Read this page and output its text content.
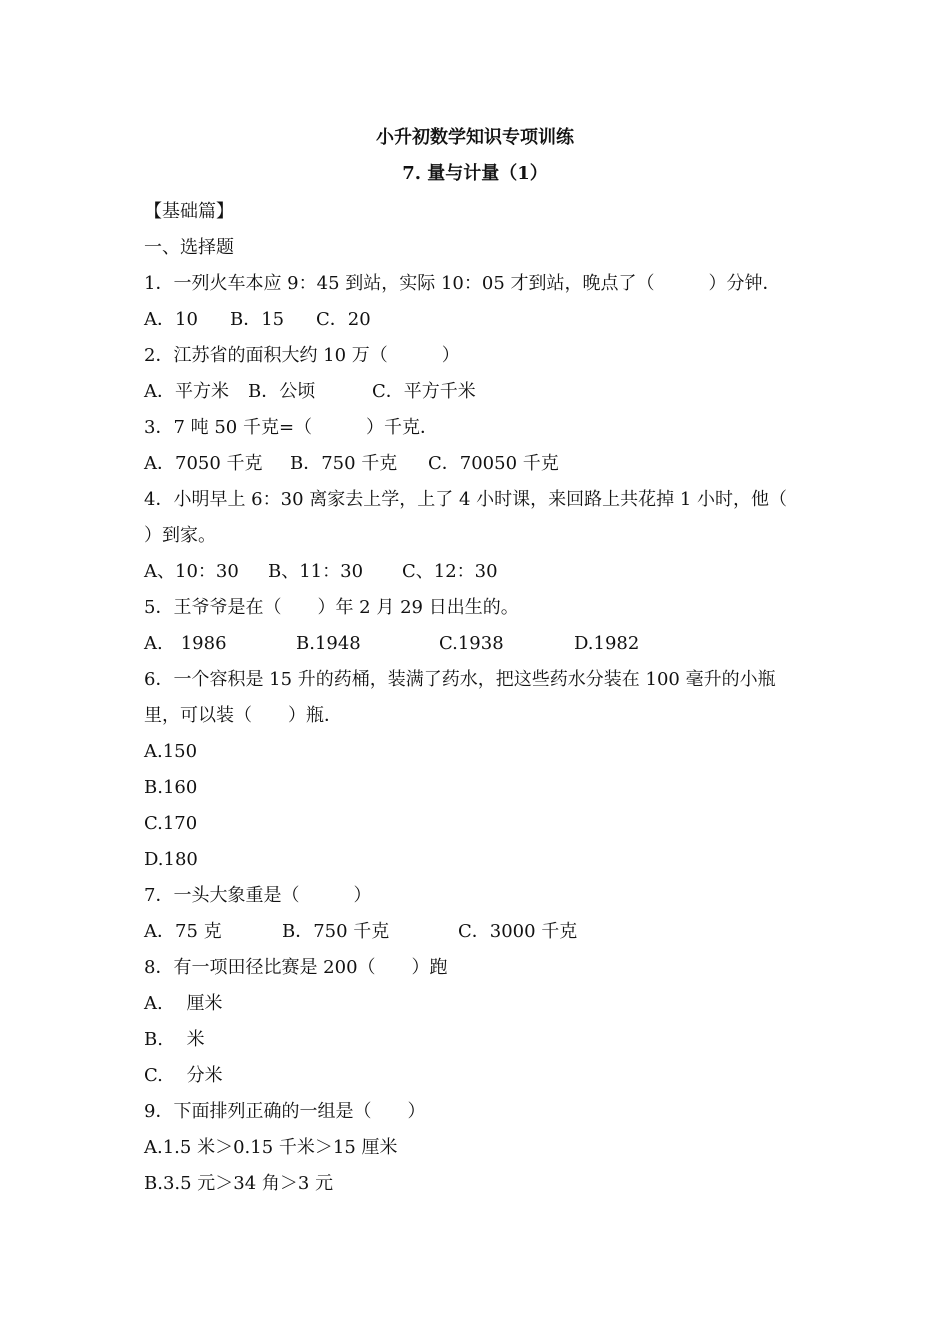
小升初数学知识专项训练
7. 量与计量（1）
【基础篇】
一、选择题
1．一列火车本应 9：45 到站，实际 10：05 才到站，晚点了（　　　）分钟．
A．10 B．15 C．20
2．江苏省的面积大约 10 万（　　　）
A．平方米 B．公顷	C．平方千米
3．7 吨 50 千克=（　　　）千克．
A．7050 千克 B．750 千克 C．70050 千克
4．小明早上 6：30 离家去上学，上了 4 小时课，来回路上共花掉 1 小时，他（
）到家。
A、10：30 B、11：30 C、12：30
5．王爷爷是在（　　）年 2 月 29 日出生的。
A.　1986	B.1948	C.1938	D.1982
6．一个容积是 15 升的药桶，装满了药水，把这些药水分装在 100 毫升的小瓶
里，可以装（　　）瓶．
A.150
B.160
C.170
D.180
7．一头大象重是（　　　）
A．75 克	B．750 千克	C．3000 千克
8．有一项田径比赛是 200（　　）跑
A.　 厘米
B.　 米
C.　 分米
9．下面排列正确的一组是（　　）
A.1.5 米＞0.15 千米＞15 厘米
B.3.5 元＞34 角＞3 元
